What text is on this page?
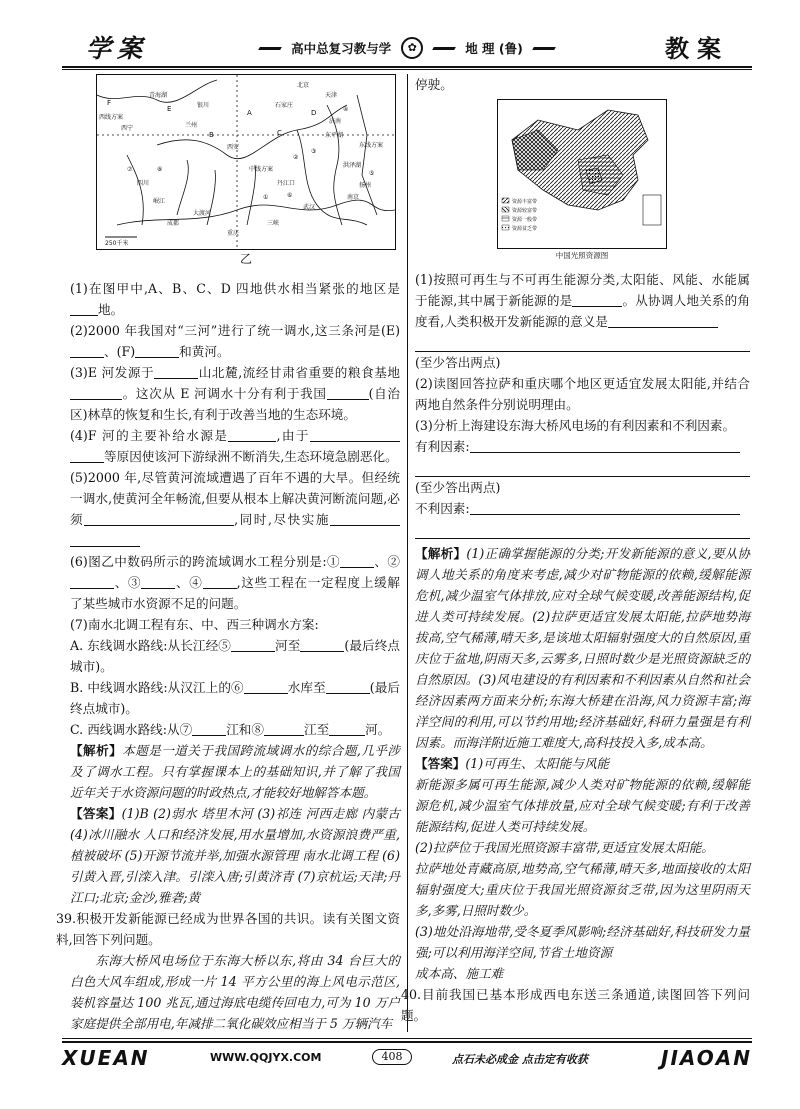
学案	高中总复习教与学	✿	地 理 (鲁)	教案
青海湖
银川
兰州
西宁
西线方案
西安
北京
天津
石家庄
济南
东平湖
洪泽湖
扬州
南京
武汉
东线方案
中线方案
三峡
丹江口
四川
重庆
岷江
成都
大渡河
A
B	C
D
E
F
①
②
③
④
⑤
⑥
⑦	⑧
250千米
乙
(1)在图甲中,A、B、C、D 四地供水相当紧张的地区是地。
(2)2000 年我国对“三河”进行了统一调水,这三条河是(E)、(F)	和黄河。
(3)E 河发源于	山北麓,流经甘肃省重要的粮食基地。这次从 E 河调水十分有利于我国	(自治区)林草的恢复和生长,有利于改善当地的生态环境。
(4)F 河的主要补给水源是	,由于等原因使该河下游绿洲不断消失,生态环境急剧恶化。
(5)2000 年,尽管黄河流域遭遇了百年不遇的大旱。但经统一调水,使黄河全年畅流,但要从根本上解决黄河断流问题,必须	,同时,尽快实施
(6)图乙中数码所示的跨流域调水工程分别是:①	、②、③	、④	,这些工程在一定程度上缓解了某些城市水资源不足的问题。
(7)南水北调工程有东、中、西三种调水方案:
A. 东线调水路线:从长江经⑤	河至	(最后终点城市)。
B. 中线调水路线:从汉江上的⑥	水库至	(最后终点城市)。
C. 西线调水路线:从⑦	江和⑧	江至	河。
【解析】本题是一道关于我国跨流域调水的综合题,几乎涉及了调水工程。只有掌握课本上的基础知识,并了解了我国近年关于水资源问题的时政热点,才能较好地解答本题。
【答案】(1)B (2)弱水 塔里木河 (3)祁连 河西走廊 内蒙古 (4)冰川融水 人口和经济发展,用水量增加,水资源浪费严重,植被破坏 (5)开源节流并举,加强水源管理 南水北调工程 (6)引黄入晋,引滦入津。引滦入唐;引黄济青 (7)京杭运;天津;丹江口;北京;金沙,雅砻;黄
39.积极开发新能源已经成为世界各国的共识。读有关图文资料,回答下列问题。
东海大桥风电场位于东海大桥以东,将由 34 台巨大的白色大风车组成,形成一片 14 平方公里的海上风电示范区,装机容量达 100 兆瓦,通过海底电缆传回电力,可为 10 万户家庭提供全部用电,年减排二氧化碳效应相当于 5 万辆汽车
停驶。
资源丰富带
资源较富带
资源一般带
资源贫乏带
中国光照资源图
(1)按照可再生与不可再生能源分类,太阳能、风能、水能属于能源,其中属于新能源的是	。从协调人地关系的角度看,人类积极开发新能源的意义是
(至少答出两点)
(2)读图回答拉萨和重庆哪个地区更适宜发展太阳能,并结合两地自然条件分别说明理由。
(3)分析上海建设东海大桥风电场的有利因素和不利因素。
有利因素:
(至少答出两点)
不利因素:
【解析】(1)正确掌握能源的分类;开发新能源的意义,要从协调人地关系的角度来考虑,减少对矿物能源的依赖,缓解能源危机,减少温室气体排放,应对全球气候变暖,改善能源结构,促进人类可持续发展。(2)拉萨更适宜发展太阳能,拉萨地势海拔高,空气稀薄,晴天多,是该地太阳辐射强度大的自然原因,重庆位于盆地,阴雨天多,云雾多,日照时数少是光照资源缺乏的自然原因。(3)风电建设的有利因素和不利因素从自然和社会经济因素两方面来分析;东海大桥建在沿海,风力资源丰富;海洋空间的利用,可以节约用地;经济基础好,科研力量强是有利因素。而海洋附近施工难度大,高科技投入多,成本高。
【答案】(1)可再生、太阳能与风能
新能源多属可再生能源,减少人类对矿物能源的依赖,缓解能源危机,减少温室气体排放量,应对全球气候变暖;有利于改善能源结构,促进人类可持续发展。
(2)拉萨位于我国光照资源丰富带,更适宜发展太阳能。
拉萨地处青藏高原,地势高,空气稀薄,晴天多,地面接收的太阳辐射强度大;重庆位于我国光照资源贫乏带,因为这里阴雨天多,多雾,日照时数少。
(3)地处沿海地带,受冬夏季风影响;经济基础好,科技研发力量强;可以利用海洋空间,节省土地资源
成本高、施工难
40.目前我国已基本形成西电东送三条通道,读图回答下列问题。
XUEAN	WWW.QQJYX.COM	408	点石未必成金 点击定有收获	JIAOAN
